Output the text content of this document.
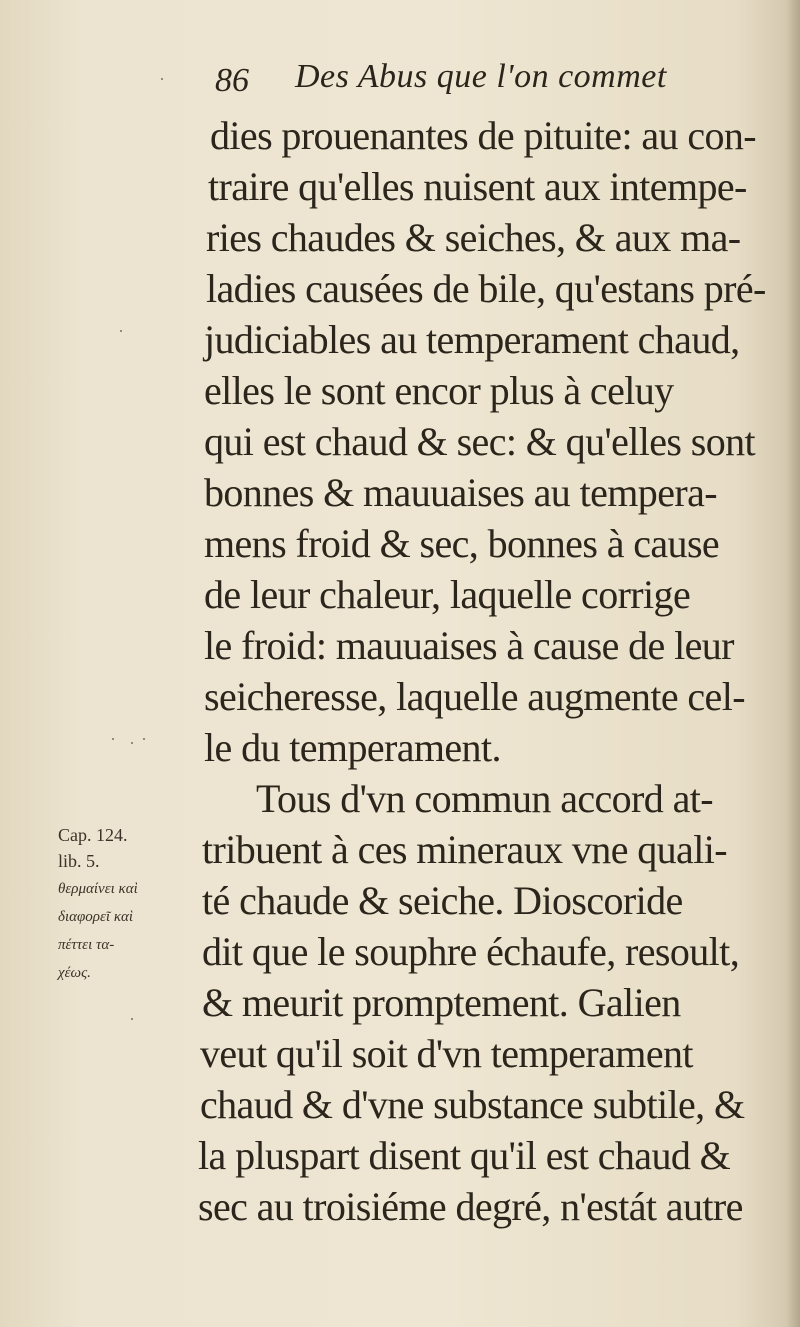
86 Des Abus que l'on commet
dies prouenantes de pituite: au con-
traire qu'elles nuisent aux intempe-
ries chaudes & seiches, & aux ma-
ladies causées de bile, qu'estans pré-
judiciables au temperament chaud,
elles le sont encor plus à celuy
qui est chaud & sec: & qu'elles sont
bonnes & mauuaises au tempera-
mens froid & sec, bonnes à cause
de leur chaleur, laquelle corrige
le froid: mauuaises à cause de leur
seicheresse, laquelle augmente cel-
le du temperament.
Tous d'vn commun accord at-
tribuent à ces mineraux vne quali-
té chaude & seiche. Dioscoride
dit que le souphre échaufe, resoult,
& meurit promptement. Galien
veut qu'il soit d'vn temperament
chaud & d'vne substance subtile, &
la pluspart disent qu'il est chaud &
sec au troisiéme degré, n'estát autre
Cap. 124.
lib. 5.
θερμαίνει καὶ
διαφορεῖ καὶ
πέττει τα-
χέως.
